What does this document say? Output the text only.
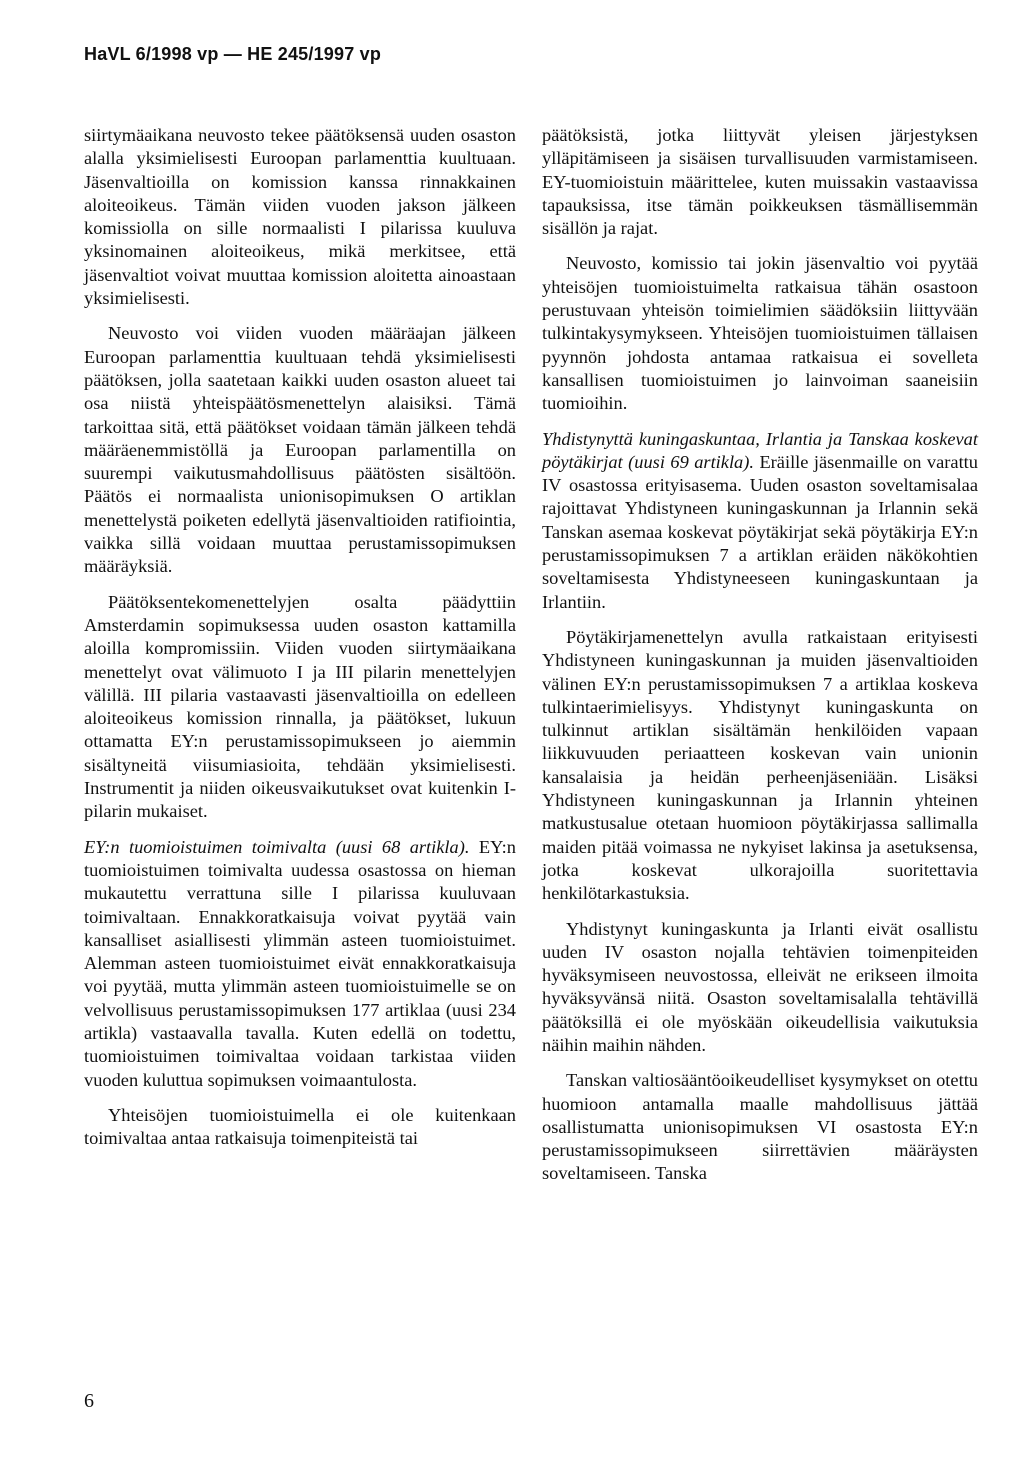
HaVL 6/1998 vp — HE 245/1997 vp

siirtymäaikana neuvosto tekee päätöksensä uuden osaston alalla yksimielisesti Euroopan parlamenttia kuultuaan. Jäsenvaltioilla on komission kanssa rinnakkainen aloiteoikeus. Tämän viiden vuoden jakson jälkeen komissiolla on sille normaalisti I pilarissa kuuluva yksinomainen aloiteoikeus, mikä merkitsee, että jäsenvaltiot voivat muuttaa komission aloitetta ainoastaan yksimielisesti.

Neuvosto voi viiden vuoden määräajan jälkeen Euroopan parlamenttia kuultuaan tehdä yksimielisesti päätöksen, jolla saatetaan kaikki uuden osaston alueet tai osa niistä yhteispäätösmenettelyn alaisiksi. Tämä tarkoittaa sitä, että päätökset voidaan tämän jälkeen tehdä määräenemmistöllä ja Euroopan parlamentilla on suurempi vaikutusmahdollisuus päätösten sisältöön. Päätös ei normaalista unionisopimuksen O artiklan menettelystä poiketen edellytä jäsenvaltioiden ratifiointia, vaikka sillä voidaan muuttaa perustamissopimuksen määräyksiä.

Päätöksentekomenettelyjen osalta päädyttiin Amsterdamin sopimuksessa uuden osaston kattamilla aloilla kompromissiin. Viiden vuoden siirtymäaikana menettelyt ovat välimuoto I ja III pilarin menettelyjen välillä. III pilaria vastaavasti jäsenvaltioilla on edelleen aloiteoikeus komission rinnalla, ja päätökset, lukuun ottamatta EY:n perustamissopimukseen jo aiemmin sisältyneitä viisumiasioita, tehdään yksimielisesti. Instrumentit ja niiden oikeusvaikutukset ovat kuitenkin I-pilarin mukaiset.

EY:n tuomioistuimen toimivalta (uusi 68 artikla). EY:n tuomioistuimen toimivalta uudessa osastossa on hieman mukautettu verrattuna sille I pilarissa kuuluvaan toimivaltaan. Ennakkoratkaisuja voivat pyytää vain kansalliset asiallisesti ylimmän asteen tuomioistuimet. Alemman asteen tuomioistuimet eivät ennakkoratkaisuja voi pyytää, mutta ylimmän asteen tuomioistuimelle se on velvollisuus perustamissopimuksen 177 artiklaa (uusi 234 artikla) vastaavalla tavalla. Kuten edellä on todettu, tuomioistuimen toimivaltaa voidaan tarkistaa viiden vuoden kuluttua sopimuksen voimaantulosta.

Yhteisöjen tuomioistuimella ei ole kuitenkaan toimivaltaa antaa ratkaisuja toimenpiteistä tai

päätöksistä, jotka liittyvät yleisen järjestyksen ylläpitämiseen ja sisäisen turvallisuuden varmistamiseen. EY-tuomioistuin määrittelee, kuten muissakin vastaavissa tapauksissa, itse tämän poikkeuksen täsmällisemmän sisällön ja rajat.

Neuvosto, komissio tai jokin jäsenvaltio voi pyytää yhteisöjen tuomioistuimelta ratkaisua tähän osastoon perustuvaan yhteisön toimielimien säädöksiin liittyvään tulkintakysymykseen. Yhteisöjen tuomioistuimen tällaisen pyynnön johdosta antamaa ratkaisua ei sovelleta kansallisen tuomioistuimen jo lainvoiman saaneisiin tuomioihin.

Yhdistynyttä kuningaskuntaa, Irlantia ja Tanskaa koskevat pöytäkirjat (uusi 69 artikla). Eräille jäsenmaille on varattu IV osastossa erityisasema. Uuden osaston soveltamisalaa rajoittavat Yhdistyneen kuningaskunnan ja Irlannin sekä Tanskan asemaa koskevat pöytäkirjat sekä pöytäkirja EY:n perustamissopimuksen 7 a artiklan eräiden näkökohtien soveltamisesta Yhdistyneeseen kuningaskuntaan ja Irlantiin.

Pöytäkirjamenettelyn avulla ratkaistaan erityisesti Yhdistyneen kuningaskunnan ja muiden jäsenvaltioiden välinen EY:n perustamissopimuksen 7 a artiklaa koskeva tulkintaerimielisyys. Yhdistynyt kuningaskunta on tulkinnut artiklan sisältämän henkilöiden vapaan liikkuvuuden periaatteen koskevan vain unionin kansalaisia ja heidän perheenjäseniään. Lisäksi Yhdistyneen kuningaskunnan ja Irlannin yhteinen matkustusalue otetaan huomioon pöytäkirjassa sallimalla maiden pitää voimassa ne nykyiset lakinsa ja asetuksensa, jotka koskevat ulkorajoilla suoritettavia henkilötarkastuksia.

Yhdistynyt kuningaskunta ja Irlanti eivät osallistu uuden IV osaston nojalla tehtävien toimenpiteiden hyväksymiseen neuvostossa, elleivät ne erikseen ilmoita hyväksyvänsä niitä. Osaston soveltamisalalla tehtävillä päätöksillä ei ole myöskään oikeudellisia vaikutuksia näihin maihin nähden.

Tanskan valtiosääntöoikeudelliset kysymykset on otettu huomioon antamalla maalle mahdollisuus jättää osallistumatta unionisopimuksen VI osastosta EY:n perustamissopimukseen siirrettävien määräysten soveltamiseen. Tanska

6
